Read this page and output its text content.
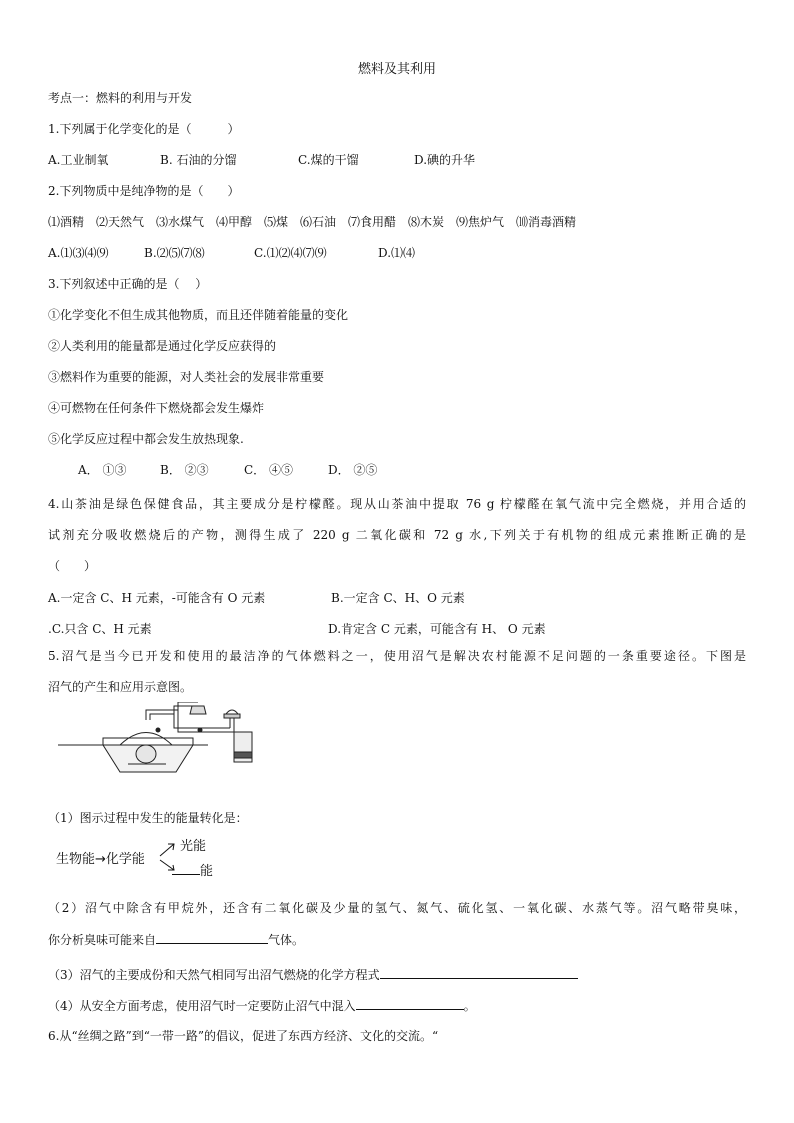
燃料及其利用
考点一：燃料的利用与开发
1.下列属于化学变化的是（　　　）
A.工业制氧	B. 石油的分馏	C.煤的干馏	D.碘的升华
2.下列物质中是纯净物的是（　　）
⑴酒精　⑵天然气　⑶水煤气　⑷甲醇　⑸煤　⑹石油　⑺食用醋　⑻木炭　⑼焦炉气　⑽消毒酒精
A.⑴⑶⑷⑼	B.⑵⑸⑺⑻	C.⑴⑵⑷⑺⑼	D.⑴⑷
3.下列叙述中正确的是（　 ）
①化学变化不但生成其他物质，而且还伴随着能量的变化
②人类利用的能量都是通过化学反应获得的
③燃料作为重要的能源，对人类社会的发展非常重要
④可燃物在任何条件下燃烧都会发生爆炸
⑤化学反应过程中都会发生放热现象.
A． ①③	B． ②③	C． ④⑤	D． ②⑤
4.山茶油是绿色保健食品，其主要成分是柠檬醛。现从山茶油中提取 76 g 柠檬醛在氧气流中完全燃烧，并用合适的
试剂充分吸收燃烧后的产物，测得生成了 220 g 二氧化碳和 72 g 水,下列关于有机物的组成元素推断正确的是
（　　）
A.一定含 C、H 元素，-可能含有 O 元素	B.一定含 C、H、O 元素
.C.只含 C、H 元素	D.肯定含 C 元素，可能含有 H、 O 元素
5.沼气是当今已开发和使用的最洁净的气体燃料之一，使用沼气是解决农村能源不足问题的一条重要途径。下图是
沼气的产生和应用示意图。
（1）图示过程中发生的能量转化是：
生物能→化学能
光能
能
（2）沼气中除含有甲烷外，还含有二氧化碳及少量的氢气、氮气、硫化氢、一氧化碳、水蒸气等。沼气略带臭味，
你分析臭味可能来自	气体。
（3）沼气的主要成份和天然气相同写出沼气燃烧的化学方程式
（4）从安全方面考虑，使用沼气时一定要防止沼气中混入	。
6.从“丝绸之路”到“一带一路”的倡议，促进了东西方经济、文化的交流。“
